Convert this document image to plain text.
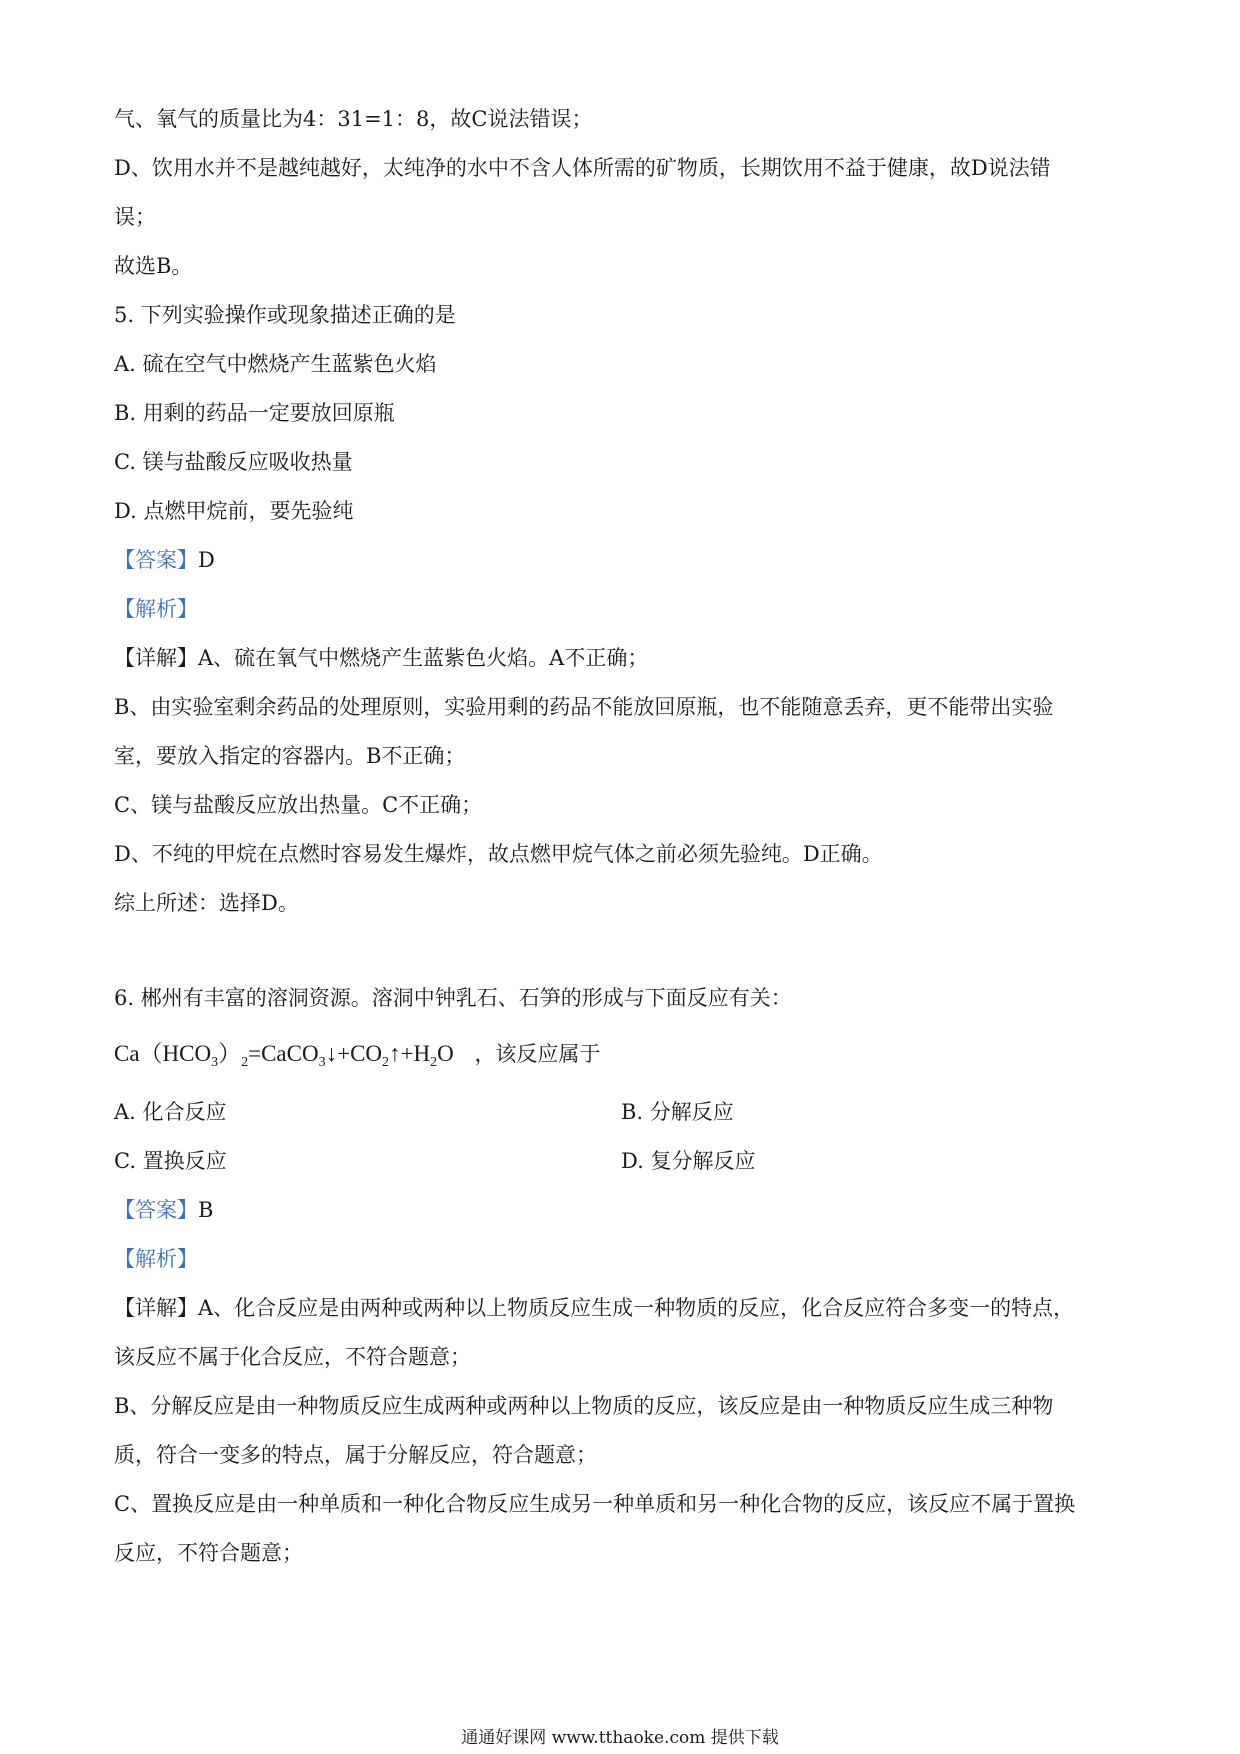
气、氧气的质量比为4：31=1：8，故C说法错误；
D、饮用水并不是越纯越好，太纯净的水中不含人体所需的矿物质，长期饮用不益于健康，故D说法错
误；
故选B。
5. 下列实验操作或现象描述正确的是
A. 硫在空气中燃烧产生蓝紫色火焰
B. 用剩的药品一定要放回原瓶
C. 镁与盐酸反应吸收热量
D. 点燃甲烷前，要先验纯
【答案】D
【解析】
【详解】A、硫在氧气中燃烧产生蓝紫色火焰。A不正确；
B、由实验室剩余药品的处理原则，实验用剩的药品不能放回原瓶，也不能随意丢弃，更不能带出实验
室，要放入指定的容器内。B不正确；
C、镁与盐酸反应放出热量。C不正确；
D、不纯的甲烷在点燃时容易发生爆炸，故点燃甲烷气体之前必须先验纯。D正确。
综上所述：选择D。
6. 郴州有丰富的溶洞资源。溶洞中钟乳石、石笋的形成与下面反应有关：
$Ca(HCO_3)_2=CaCO_3↓+CO_2↑+H_2O$ ，该反应属于
A. 化合反应	B. 分解反应
C. 置换反应	D. 复分解反应
【答案】B
【解析】
【详解】A、化合反应是由两种或两种以上物质反应生成一种物质的反应，化合反应符合多变一的特点，
该反应不属于化合反应，不符合题意；
B、分解反应是由一种物质反应生成两种或两种以上物质的反应，该反应是由一种物质反应生成三种物
质，符合一变多的特点，属于分解反应，符合题意；
C、置换反应是由一种单质和一种化合物反应生成另一种单质和另一种化合物的反应，该反应不属于置换
反应，不符合题意；
通通好课网 www.tthaoke.com 提供下载
